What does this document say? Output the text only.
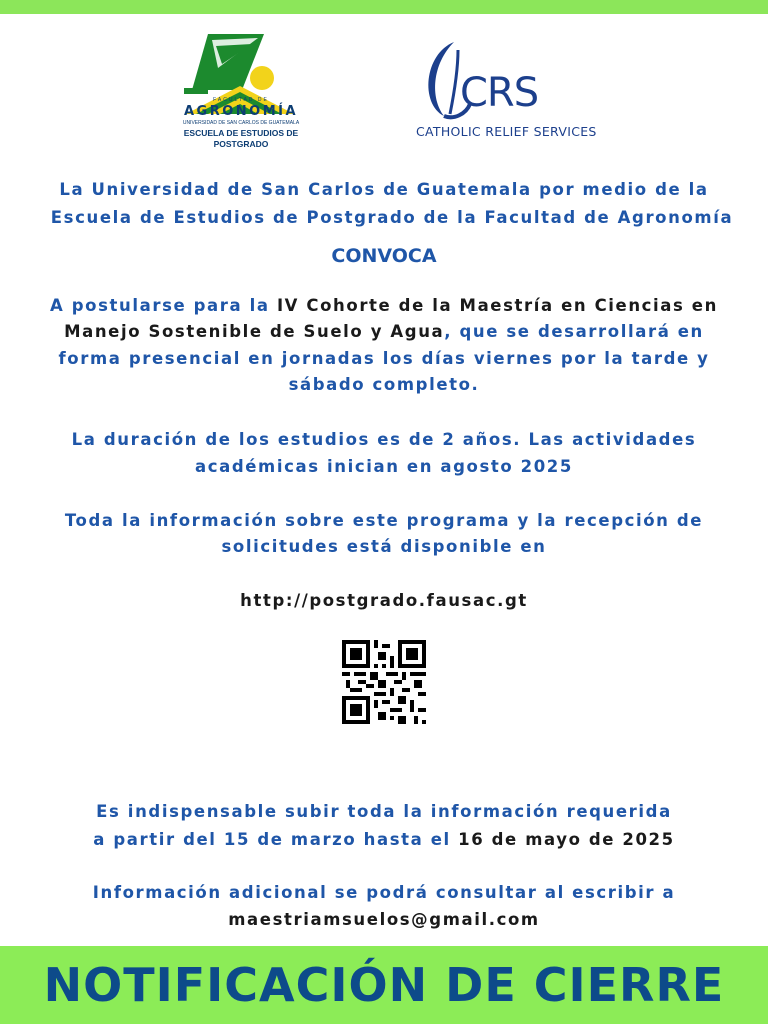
FACULTAD DE
AGRONOMÍA
UNIVERSIDAD DE SAN CARLOS DE GUATEMALA
ESCUELA DE ESTUDIOS DE
POSTGRADO
CRS
CATHOLIC RELIEF SERVICES

La Universidad de San Carlos de Guatemala por medio de la

Escuela de Estudios de Postgrado de la Facultad de Agronomía

CONVOCA

A postularse para la IV Cohorte de la Maestría en Ciencias en

Manejo Sostenible de Suelo y Agua, que se desarrollará en

forma presencial en jornadas los días viernes por la tarde y

sábado completo.

La duración de los estudios es de 2 años. Las actividades

académicas inician en agosto 2025

Toda la información sobre este programa y la recepción de

solicitudes está disponible en

http://postgrado.fausac.gt

Es indispensable subir toda la información requerida

a partir del 15 de marzo hasta el 16 de mayo de 2025

Información adicional se podrá consultar al escribir a

maestriamsuelos@gmail.com

NOTIFICACIÓN DE CIERRE
